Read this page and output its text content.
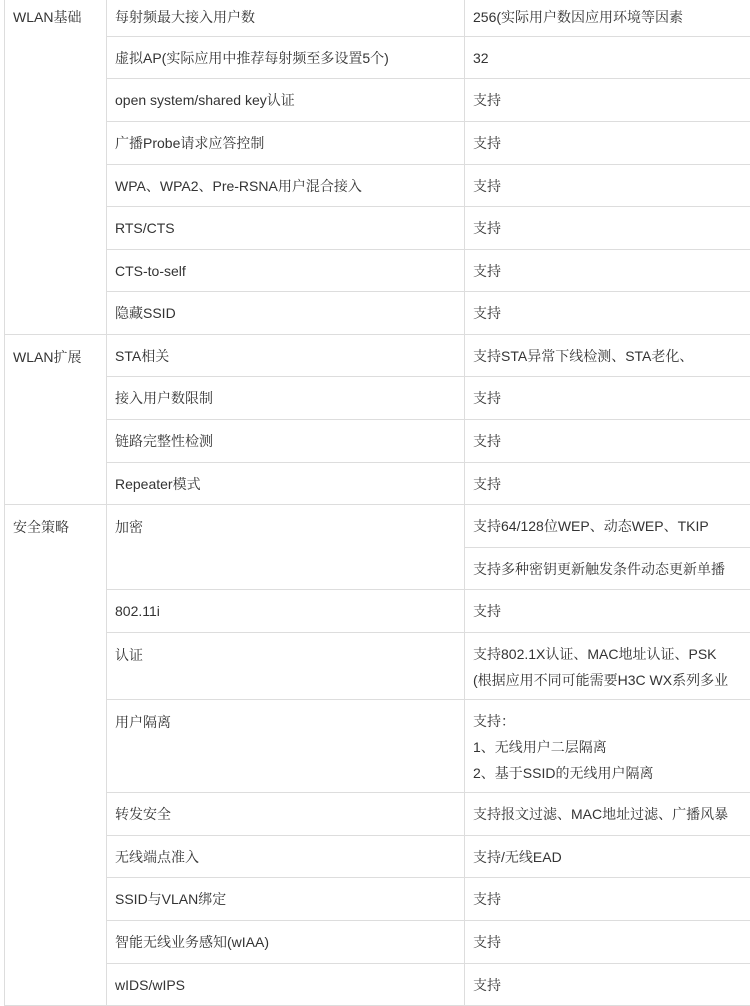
WLAN基础	每射频最大接入用户数	256(实际用户数因应用环境等因素
	虚拟AP(实际应用中推荐每射频至多设置5个)	32
	open system/shared key认证	支持
	广播Probe请求应答控制	支持
	WPA、WPA2、Pre-RSNA用户混合接入	支持
	RTS/CTS	支持
	CTS-to-self	支持
	隐藏SSID	支持
WLAN扩展	STA相关	支持STA异常下线检测、STA老化、
	接入用户数限制	支持
	链路完整性检测	支持
	Repeater模式	支持
安全策略	加密	支持64/128位WEP、动态WEP、TKIP
		支持多种密钥更新触发条件动态更新单播
	802.11i	支持
	认证	支持802.1X认证、MAC地址认证、PSK
(根据应用不同可能需要H3C WX系列多业

	用户隔离	支持：
1、无线用户二层隔离
2、基于SSID的无线用户隔离

	转发安全	支持报文过滤、MAC地址过滤、广播风暴
	无线端点准入	支持/无线EAD
	SSID与VLAN绑定	支持
	智能无线业务感知(wIAA)	支持
	wIDS/wIPS	支持
